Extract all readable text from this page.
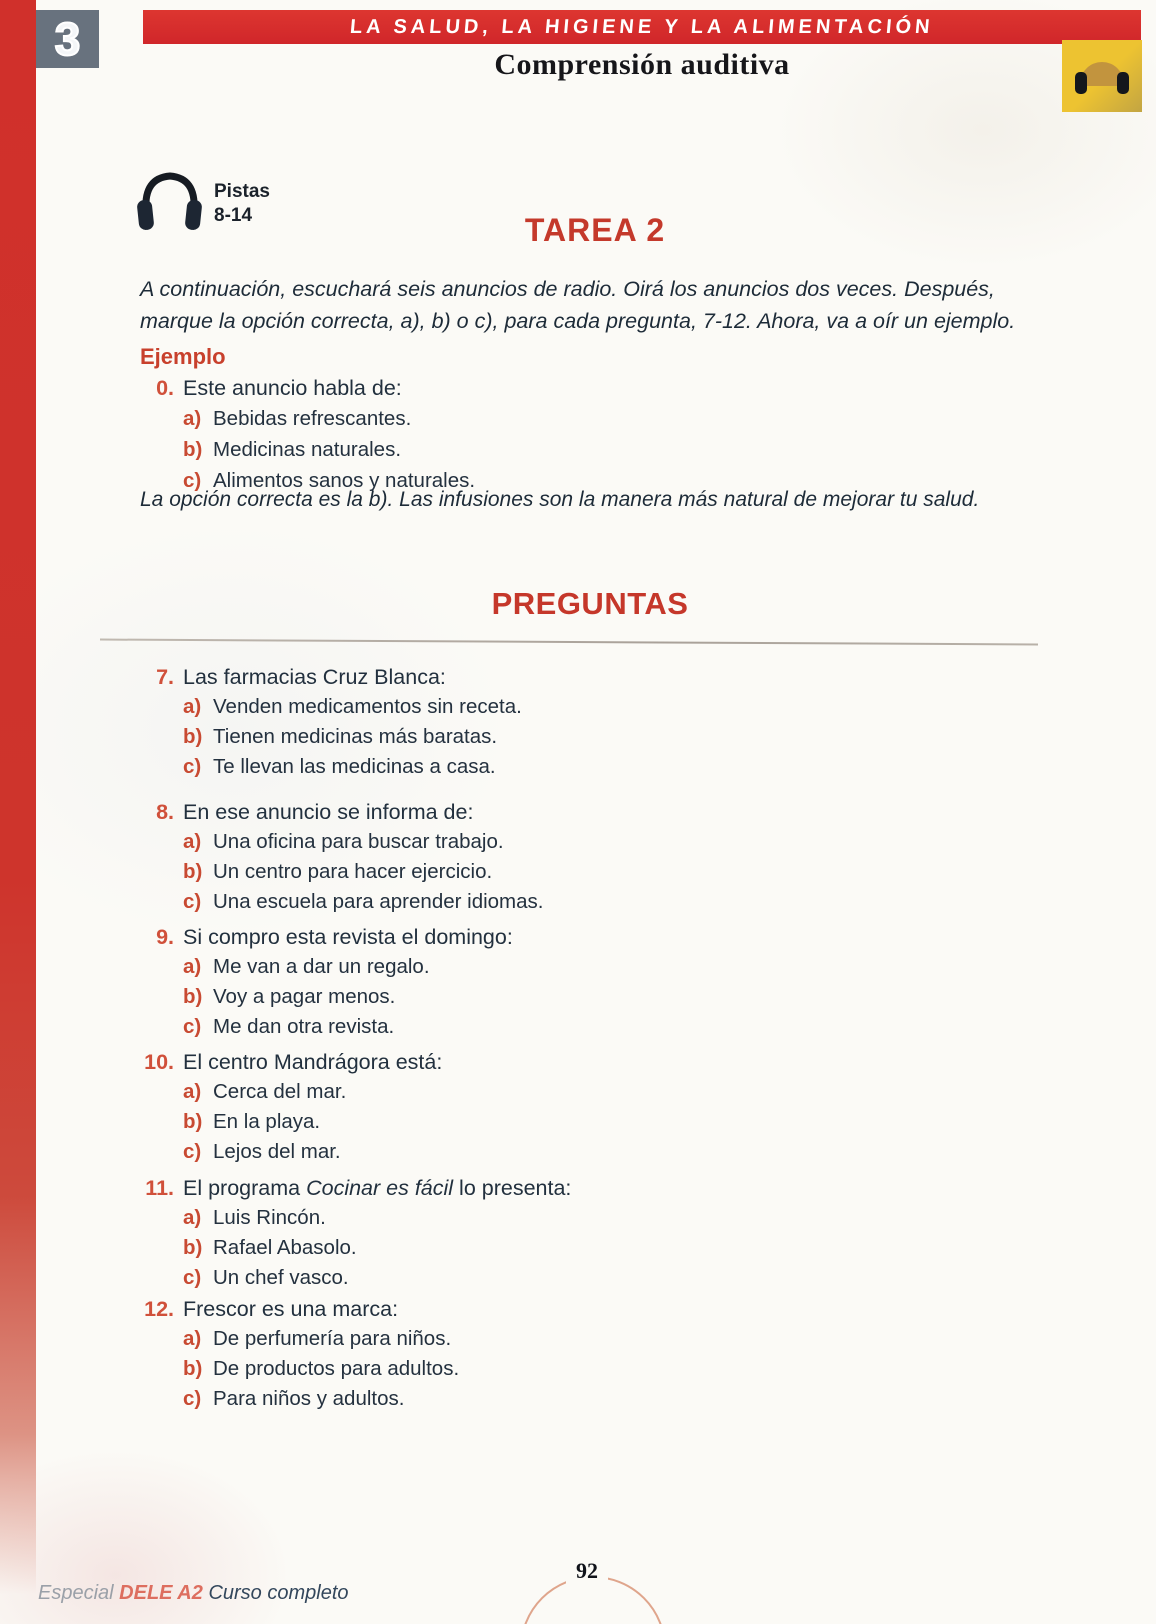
3	LA SALUD, LA HIGIENE Y LA ALIMENTACIÓN
Comprensión auditiva
Pistas
8-14	TAREA 2

A continuación, escuchará seis anuncios de radio. Oirá los anuncios dos veces. Después, marque la opción correcta, a), b) o c), para cada pregunta, 7-12. Ahora, va a oír un ejemplo.

Ejemplo
0. Este anuncio habla de:
a) Bebidas refrescantes.
b) Medicinas naturales.
c) Alimentos sanos y naturales.

La opción correcta es la b). Las infusiones son la manera más natural de mejorar tu salud.

PREGUNTAS
7. Las farmacias Cruz Blanca:
a) Venden medicamentos sin receta.
b) Tienen medicinas más baratas.
c) Te llevan las medicinas a casa.
8. En ese anuncio se informa de:
a) Una oficina para buscar trabajo.
b) Un centro para hacer ejercicio.
c) Una escuela para aprender idiomas.
9. Si compro esta revista el domingo:
a) Me van a dar un regalo.
b) Voy a pagar menos.
c) Me dan otra revista.
10. El centro Mandrágora está:
a) Cerca del mar.
b) En la playa.
c) Lejos del mar.
11. El programa Cocinar es fácil lo presenta:
a) Luis Rincón.
b) Rafael Abasolo.
c) Un chef vasco.
12. Frescor es una marca:
a) De perfumería para niños.
b) De productos para adultos.
c) Para niños y adultos.
92
Especial DELE A2 Curso completo
